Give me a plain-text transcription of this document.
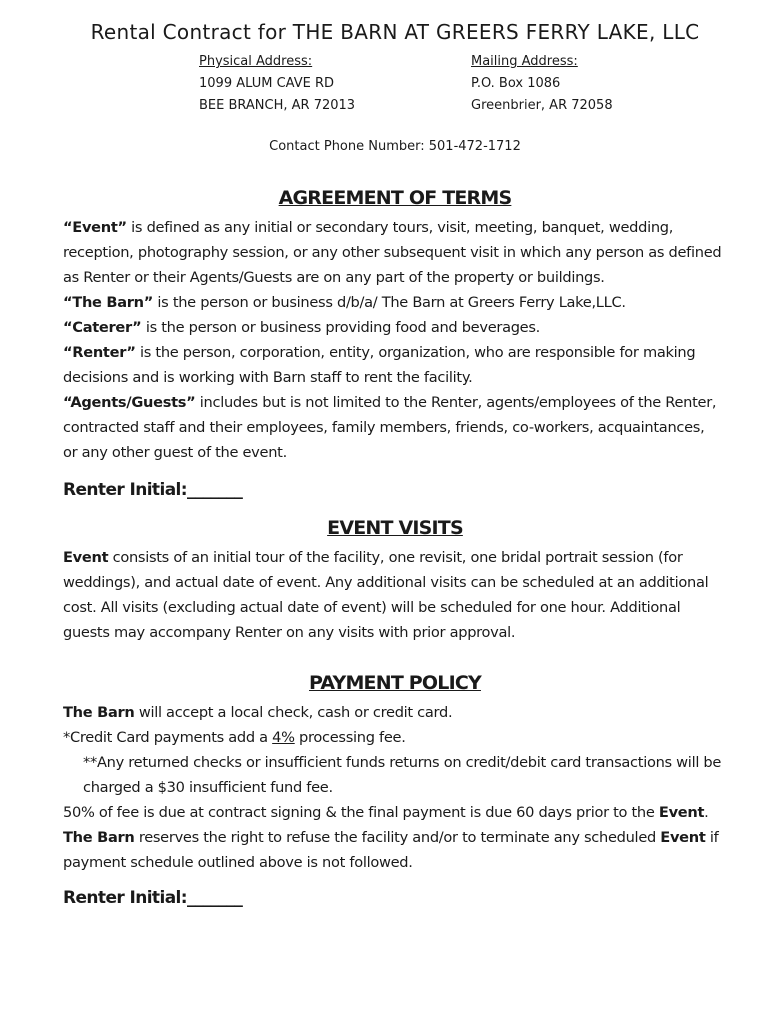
Rental Contract for THE BARN AT GREERS FERRY LAKE, LLC
Physical Address:
1099 ALUM CAVE RD
BEE BRANCH, AR 72013
Mailing Address:
P.O. Box 1086
Greenbrier, AR 72058
Contact Phone Number: 501-472-1712
AGREEMENT OF TERMS

“Event” is defined as any initial or secondary tours, visit, meeting, banquet, wedding, reception, photography session, or any other subsequent visit in which any person as defined as Renter or their Agents/Guests are on any part of the property or buildings.

“The Barn” is the person or business d/b/a/ The Barn at Greers Ferry Lake,LLC.

“Caterer” is the person or business providing food and beverages.

“Renter” is the person, corporation, entity, organization, who are responsible for making decisions and is working with Barn staff to rent the facility.

“Agents/Guests” includes but is not limited to the Renter, agents/employees of the Renter, contracted staff and their employees, family members, friends, co-workers, acquaintances, or any other guest of the event.

Renter Initial:_______
EVENT VISITS

Event consists of an initial tour of the facility, one revisit, one bridal portrait session (for weddings), and actual date of event. Any additional visits can be scheduled at an additional cost. All visits (excluding actual date of event) will be scheduled for one hour. Additional guests may accompany Renter on any visits with prior approval.

PAYMENT POLICY

The Barn will accept a local check, cash or credit card.

*Credit Card payments add a 4% processing fee.

**Any returned checks or insufficient funds returns on credit/debit card transactions will be charged a $30 insufficient fund fee.

50% of fee is due at contract signing & the final payment is due 60 days prior to the Event.

The Barn reserves the right to refuse the facility and/or to terminate any scheduled Event if payment schedule outlined above is not followed.

Renter Initial:_______
